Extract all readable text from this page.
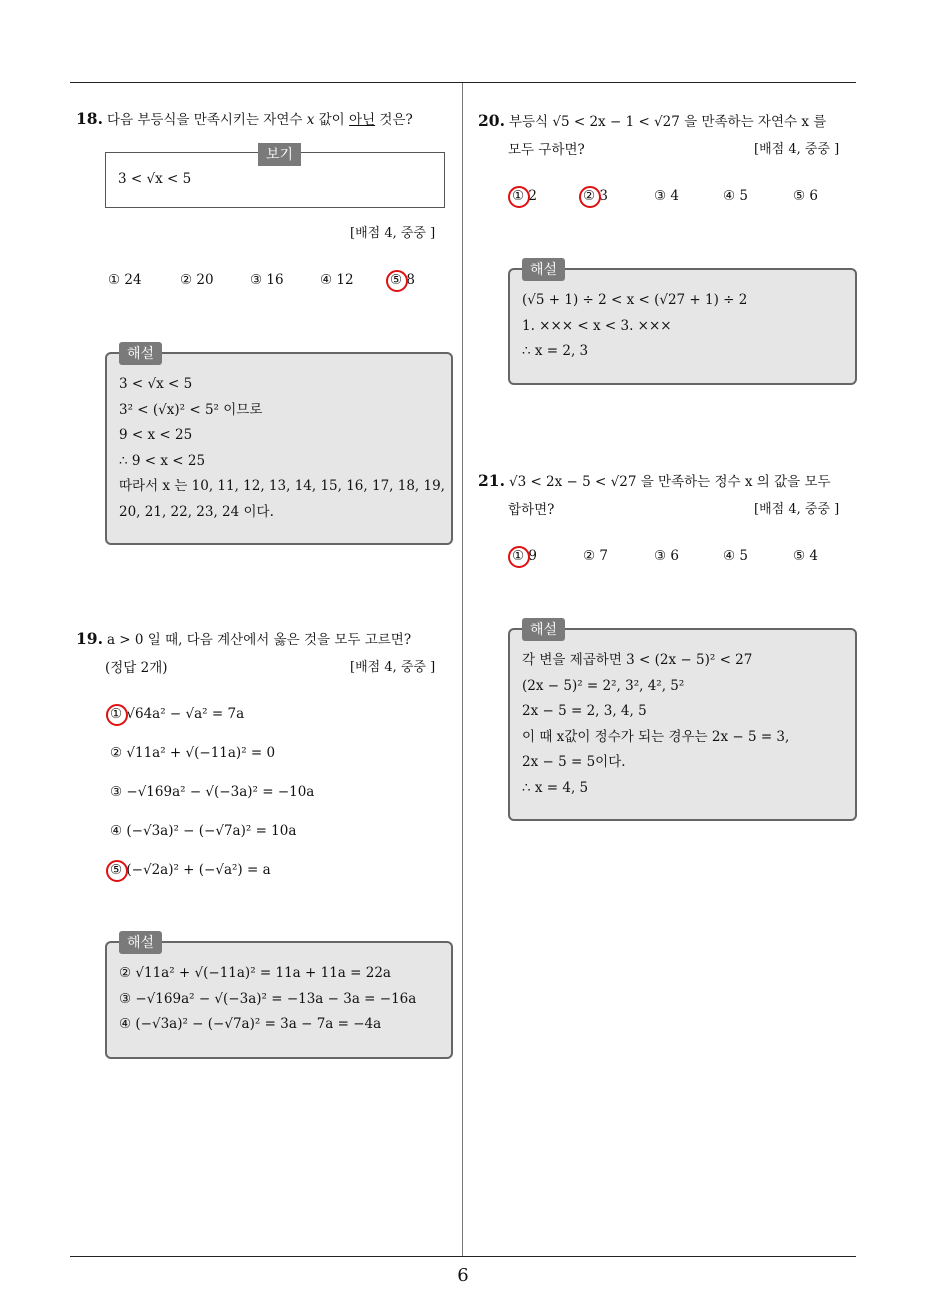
6
18. 다음 부등식을 만족시키는 자연수 x 값이 아닌 것은?
보기
3 < √x < 5
[배점 4, 중중 ]
① 24	② 20	③ 16	④ 12	⑤ 8
해설
3 < √x < 5
3² < (√x)² < 5² 이므로
9 < x < 25
∴ 9 < x < 25
따라서 x 는 10, 11, 12, 13, 14, 15, 16, 17, 18, 19,
20, 21, 22, 23, 24 이다.
19. a > 0 일 때, 다음 계산에서 옳은 것을 모두 고르면?
(정답 2개)	[배점 4, 중중 ]
① √64a² − √a² = 7a
② √11a² + √(−11a)² = 0
③ −√169a² − √(−3a)² = −10a
④ (−√3a)² − (−√7a)² = 10a
⑤ (−√2a)² + (−√a²) = a
해설
② √11a² + √(−11a)² = 11a + 11a = 22a
③ −√169a² − √(−3a)² = −13a − 3a = −16a
④ (−√3a)² − (−√7a)² = 3a − 7a = −4a
20. 부등식 √5 < 2x − 1 < √27 을 만족하는 자연수 x 를
모두 구하면?	[배점 4, 중중 ]
① 2	② 3	③ 4	④ 5	⑤ 6
해설
(√5 + 1) ÷ 2 < x < (√27 + 1) ÷ 2
1. ××× < x < 3. ×××
∴ x = 2, 3
21. √3 < 2x − 5 < √27 을 만족하는 정수 x 의 값을 모두
합하면?	[배점 4, 중중 ]
① 9	② 7	③ 6	④ 5	⑤ 4
해설
각 변을 제곱하면 3 < (2x − 5)² < 27
(2x − 5)² = 2², 3², 4², 5²
2x − 5 = 2, 3, 4, 5
이 때 x값이 정수가 되는 경우는 2x − 5 = 3,
2x − 5 = 5이다.
∴ x = 4, 5
